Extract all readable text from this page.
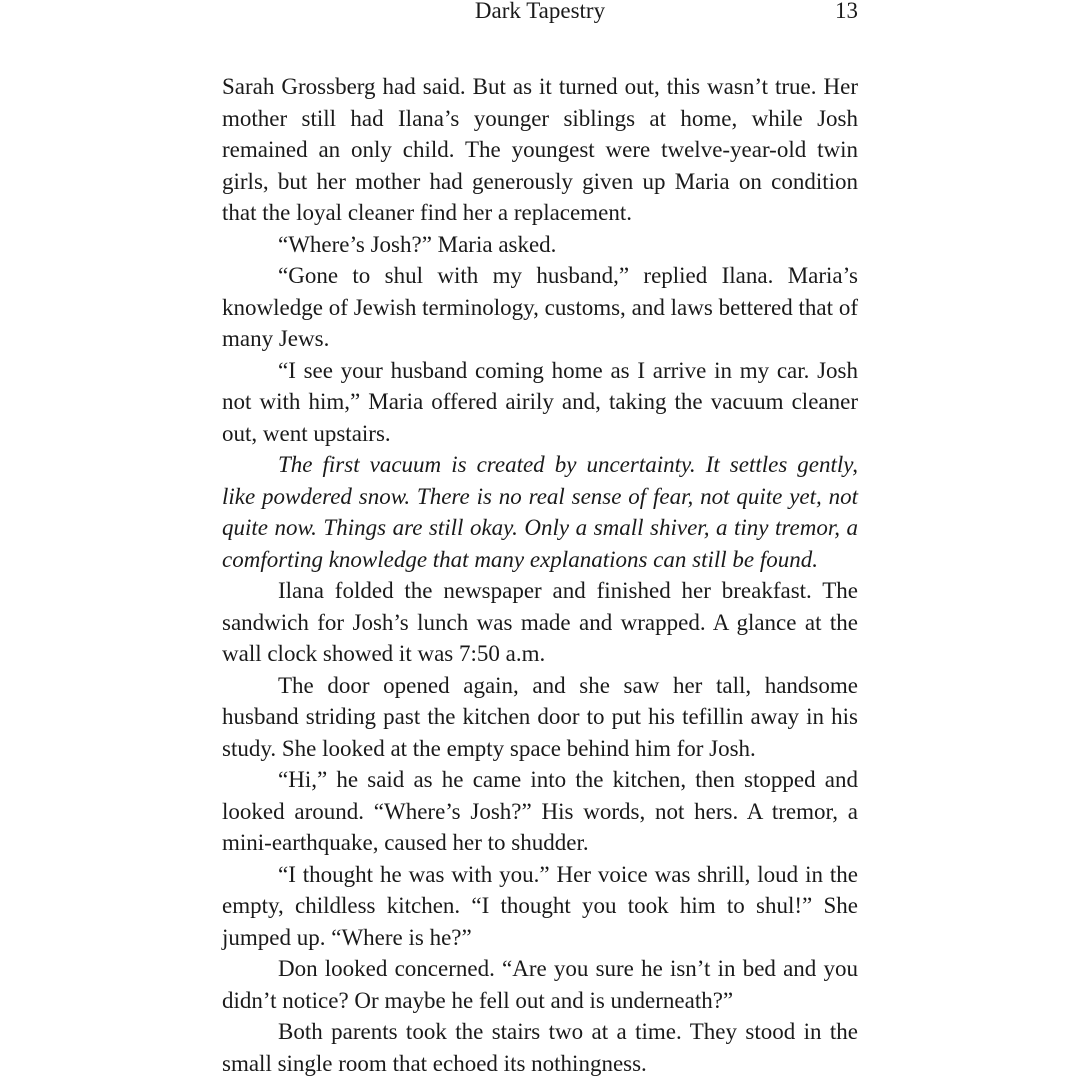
Dark Tapestry	13

Sarah Grossberg had said. But as it turned out, this wasn’t true. Her mother still had Ilana’s younger siblings at home, while Josh remained an only child. The youngest were twelve-year-old twin girls, but her mother had generously given up Maria on condition that the loyal cleaner find her a replacement.

“Where’s Josh?” Maria asked.

“Gone to shul with my husband,” replied Ilana. Maria’s knowledge of Jewish terminology, customs, and laws bettered that of many Jews.

“I see your husband coming home as I arrive in my car. Josh not with him,” Maria offered airily and, taking the vacuum cleaner out, went upstairs.

The first vacuum is created by uncertainty. It settles gently, like powdered snow. There is no real sense of fear, not quite yet, not quite now. Things are still okay. Only a small shiver, a tiny tremor, a comforting knowledge that many explanations can still be found.

Ilana folded the newspaper and finished her breakfast. The sandwich for Josh’s lunch was made and wrapped. A glance at the wall clock showed it was 7:50 a.m.

The door opened again, and she saw her tall, handsome husband striding past the kitchen door to put his tefillin away in his study. She looked at the empty space behind him for Josh.

“Hi,” he said as he came into the kitchen, then stopped and looked around. “Where’s Josh?” His words, not hers. A tremor, a mini-earthquake, caused her to shudder.

“I thought he was with you.” Her voice was shrill, loud in the empty, childless kitchen. “I thought you took him to shul!” She jumped up. “Where is he?”

Don looked concerned. “Are you sure he isn’t in bed and you didn’t notice? Or maybe he fell out and is underneath?”

Both parents took the stairs two at a time. They stood in the small single room that echoed its nothingness.
